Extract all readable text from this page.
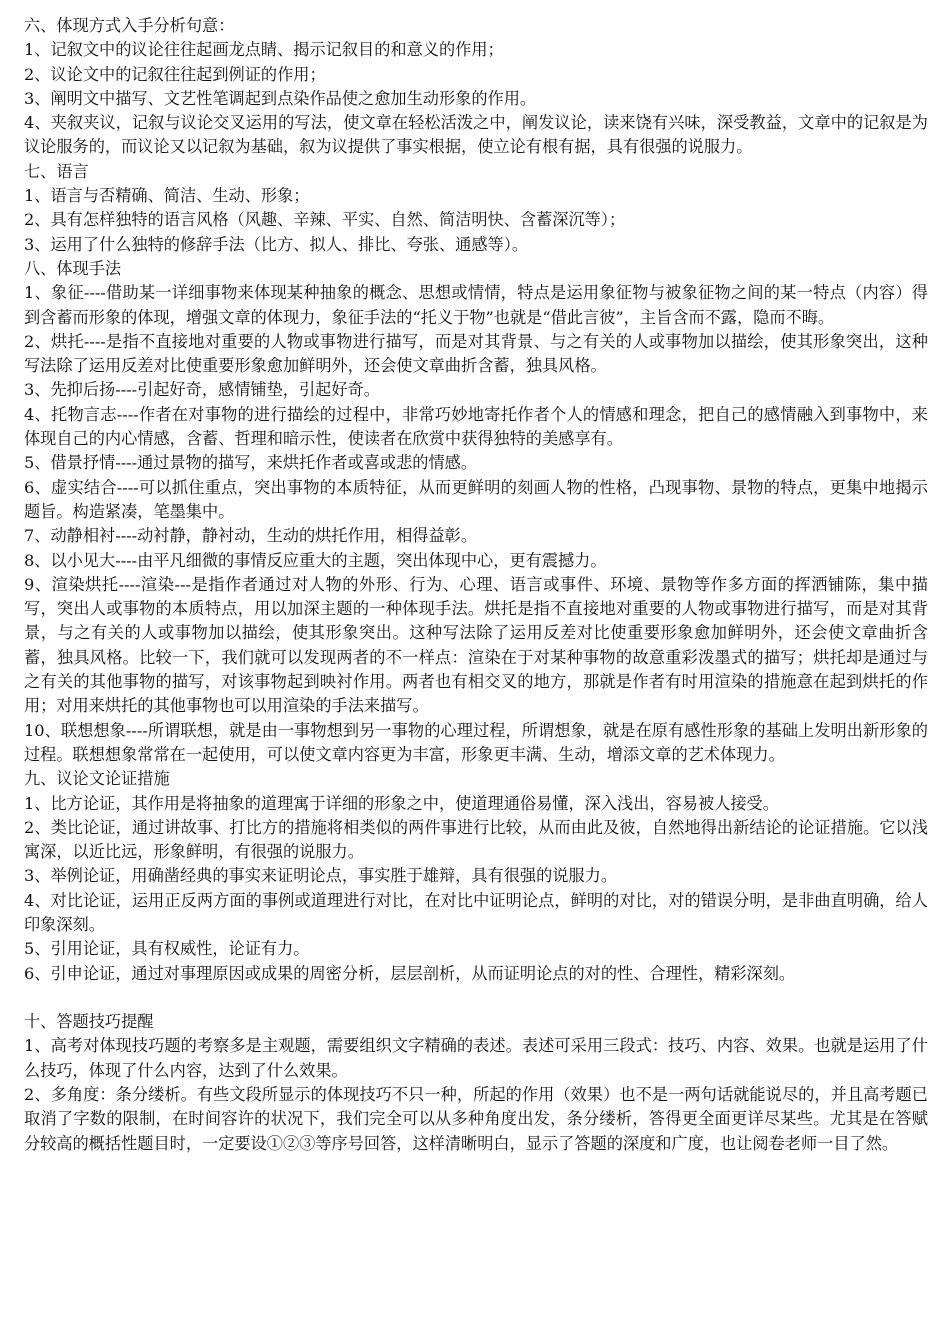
六、体现方式入手分析句意：

1、记叙文中的议论往往起画龙点睛、揭示记叙目的和意义的作用；

2、议论文中的记叙往往起到例证的作用；

3、阐明文中描写、文艺性笔调起到点染作品使之愈加生动形象的作用。

4、夹叙夹议，记叙与议论交叉运用的写法，使文章在轻松活泼之中，阐发议论，读来饶有兴味，深受教益，文章中的记叙是为议论服务的，而议论又以记叙为基础，叙为议提供了事实根据，使立论有根有据，具有很强的说服力。

七、语言

1、语言与否精确、简洁、生动、形象；

2、具有怎样独特的语言风格（风趣、辛辣、平实、自然、简洁明快、含蓄深沉等）；

3、运用了什么独特的修辞手法（比方、拟人、排比、夸张、通感等）。

八、体现手法

1、象征----借助某一详细事物来体现某种抽象的概念、思想或情情，特点是运用象征物与被象征物之间的某一特点（内容）得到含蓄而形象的体现，增强文章的体现力，象征手法的“托义于物”也就是“借此言彼”，主旨含而不露，隐而不晦。

2、烘托----是指不直接地对重要的人物或事物进行描写，而是对其背景、与之有关的人或事物加以描绘，使其形象突出，这种写法除了运用反差对比使重要形象愈加鲜明外，还会使文章曲折含蓄，独具风格。

3、先抑后扬----引起好奇，感情铺垫，引起好奇。

4、托物言志----作者在对事物的进行描绘的过程中，非常巧妙地寄托作者个人的情感和理念，把自己的感情融入到事物中，来体现自己的内心情感，含蓄、哲理和暗示性，使读者在欣赏中获得独特的美感享有。

5、借景抒情----通过景物的描写，来烘托作者或喜或悲的情感。

6、虚实结合----可以抓住重点，突出事物的本质特征，从而更鲜明的刻画人物的性格，凸现事物、景物的特点，更集中地揭示题旨。构造紧凑，笔墨集中。

7、动静相衬----动衬静，静衬动，生动的烘托作用，相得益彰。

8、以小见大----由平凡细微的事情反应重大的主题，突出体现中心，更有震撼力。

9、渲染烘托----渲染---是指作者通过对人物的外形、行为、心理、语言或事件、环境、景物等作多方面的挥洒铺陈，集中描写，突出人或事物的本质特点，用以加深主题的一种体现手法。烘托是指不直接地对重要的人物或事物进行描写，而是对其背景，与之有关的人或事物加以描绘，使其形象突出。这种写法除了运用反差对比使重要形象愈加鲜明外，还会使文章曲折含蓄，独具风格。比较一下，我们就可以发现两者的不一样点：渲染在于对某种事物的故意重彩泼墨式的描写；烘托却是通过与之有关的其他事物的描写，对该事物起到映衬作用。两者也有相交叉的地方，那就是作者有时用渲染的措施意在起到烘托的作用；对用来烘托的其他事物也可以用渲染的手法来描写。

10、联想想象----所谓联想，就是由一事物想到另一事物的心理过程，所谓想象，就是在原有感性形象的基础上发明出新形象的过程。联想想象常常在一起使用，可以使文章内容更为丰富，形象更丰满、生动，增添文章的艺术体现力。

九、议论文论证措施

1、比方论证，其作用是将抽象的道理寓于详细的形象之中，使道理通俗易懂，深入浅出，容易被人接受。

2、类比论证，通过讲故事、打比方的措施将相类似的两件事进行比较，从而由此及彼，自然地得出新结论的论证措施。它以浅寓深，以近比远，形象鲜明，有很强的说服力。

3、举例论证，用确凿经典的事实来证明论点，事实胜于雄辩，具有很强的说服力。

4、对比论证，运用正反两方面的事例或道理进行对比，在对比中证明论点，鲜明的对比，对的错误分明，是非曲直明确，给人印象深刻。

5、引用论证，具有权威性，论证有力。

6、引申论证，通过对事理原因或成果的周密分析，层层剖析，从而证明论点的对的性、合理性，精彩深刻。

十、答题技巧提醒

1、高考对体现技巧题的考察多是主观题，需要组织文字精确的表述。表述可采用三段式：技巧、内容、效果。也就是运用了什么技巧，体现了什么内容，达到了什么效果。

2、多角度：条分缕析。有些文段所显示的体现技巧不只一种，所起的作用（效果）也不是一两句话就能说尽的，并且高考题已取消了字数的限制，在时间容许的状况下，我们完全可以从多种角度出发，条分缕析，答得更全面更详尽某些。尤其是在答赋分较高的概括性题目时，一定要设①②③等序号回答，这样清晰明白，显示了答题的深度和广度，也让阅卷老师一目了然。
